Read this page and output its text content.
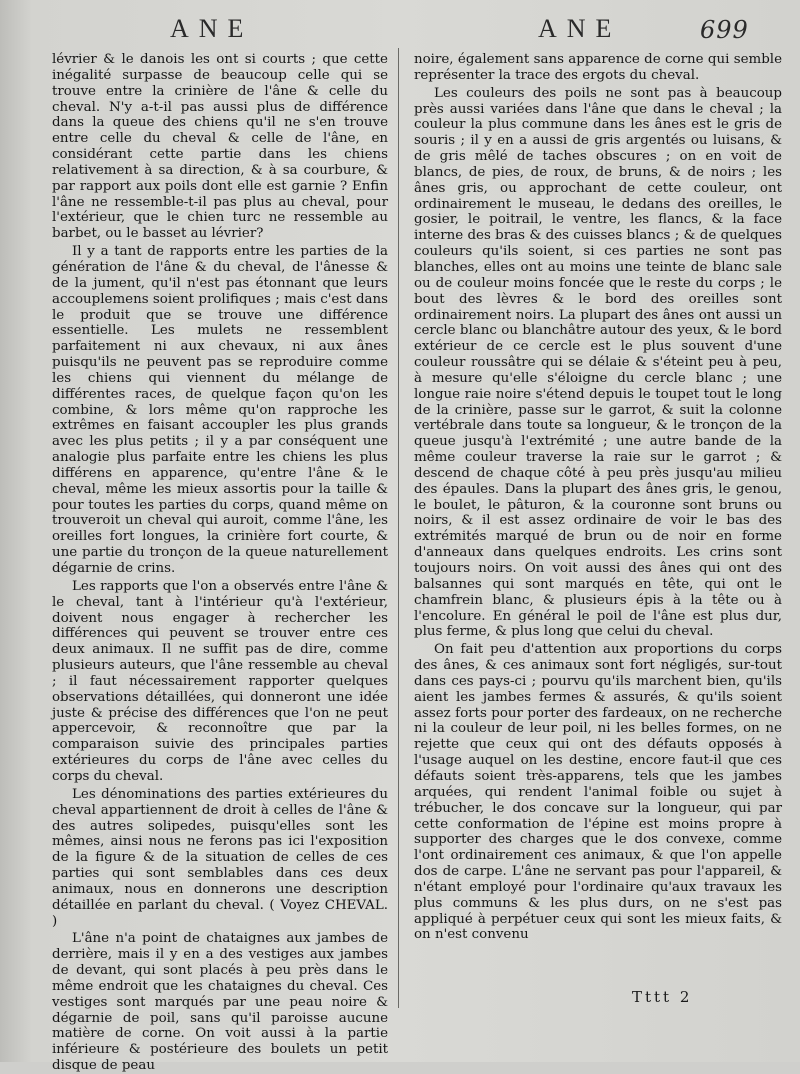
ANE	ANE	699

lévrier & le danois les ont si courts ; que cette inégalité surpasse de beaucoup celle qui se trouve entre la crinière de l'âne & celle du cheval. N'y a-t-il pas aussi plus de différence dans la queue des chiens qu'il ne s'en trouve entre celle du cheval & celle de l'âne, en considérant cette partie dans les chiens relativement à sa direction, & à sa courbure, & par rapport aux poils dont elle est garnie ? Enfin l'âne ne ressemble-t-il pas plus au cheval, pour l'extérieur, que le chien turc ne ressemble au barbet, ou le basset au lévrier?

Il y a tant de rapports entre les parties de la génération de l'âne & du cheval, de l'ânesse & de la jument, qu'il n'est pas étonnant que leurs accouplemens soient prolifiques ; mais c'est dans le produit que se trouve une différence essentielle. Les mulets ne ressemblent parfaitement ni aux chevaux, ni aux ânes puisqu'ils ne peuvent pas se reproduire comme les chiens qui viennent du mélange de différentes races, de quelque façon qu'on les combine, & lors même qu'on rapproche les extrêmes en faisant accoupler les plus grands avec les plus petits ; il y a par conséquent une analogie plus parfaite entre les chiens les plus différens en apparence, qu'entre l'âne & le cheval, même les mieux assortis pour la taille & pour toutes les parties du corps, quand même on trouveroit un cheval qui auroit, comme l'âne, les oreilles fort longues, la crinière fort courte, & une partie du tronçon de la queue naturellement dégarnie de crins.

Les rapports que l'on a observés entre l'âne & le cheval, tant à l'intérieur qu'à l'extérieur, doivent nous engager à rechercher les différences qui peuvent se trouver entre ces deux animaux. Il ne suffit pas de dire, comme plusieurs auteurs, que l'âne ressemble au cheval ; il faut nécessairement rapporter quelques observations détaillées, qui donneront une idée juste & précise des différences que l'on ne peut appercevoir, & reconnoître que par la comparaison suivie des principales parties extérieures du corps de l'âne avec celles du corps du cheval.

Les dénominations des parties extérieures du cheval appartiennent de droit à celles de l'âne & des autres solipedes, puisqu'elles sont les mêmes, ainsi nous ne ferons pas ici l'exposition de la figure & de la situation de celles de ces parties qui sont semblables dans ces deux animaux, nous en donnerons une description détaillée en parlant du cheval. ( Voyez CHEVAL. )

L'âne n'a point de chataignes aux jambes de derrière, mais il y en a des vestiges aux jambes de devant, qui sont placés à peu près dans le même endroit que les chataignes du cheval. Ces vestiges sont marqués par une peau noire & dégarnie de poil, sans qu'il paroisse aucune matière de corne. On voit aussi à la partie inférieure & postérieure des boulets un petit disque de peau

noire, également sans apparence de corne qui semble représenter la trace des ergots du cheval.

Les couleurs des poils ne sont pas à beaucoup près aussi variées dans l'âne que dans le cheval ; la couleur la plus commune dans les ânes est le gris de souris ; il y en a aussi de gris argentés ou luisans, & de gris mêlé de taches obscures ; on en voit de blancs, de pies, de roux, de bruns, & de noirs ; les ânes gris, ou approchant de cette couleur, ont ordinairement le museau, le dedans des oreilles, le gosier, le poitrail, le ventre, les flancs, & la face interne des bras & des cuisses blancs ; & de quelques couleurs qu'ils soient, si ces parties ne sont pas blanches, elles ont au moins une teinte de blanc sale ou de couleur moins foncée que le reste du corps ; le bout des lèvres & le bord des oreilles sont ordinairement noirs. La plupart des ânes ont aussi un cercle blanc ou blanchâtre autour des yeux, & le bord extérieur de ce cercle est le plus souvent d'une couleur roussâtre qui se délaie & s'éteint peu à peu, à mesure qu'elle s'éloigne du cercle blanc ; une longue raie noire s'étend depuis le toupet tout le long de la crinière, passe sur le garrot, & suit la colonne vertébrale dans toute sa longueur, & le tronçon de la queue jusqu'à l'extrémité ; une autre bande de la même couleur traverse la raie sur le garrot ; & descend de chaque côté à peu près jusqu'au milieu des épaules. Dans la plupart des ânes gris, le genou, le boulet, le pâturon, & la couronne sont bruns ou noirs, & il est assez ordinaire de voir le bas des extrémités marqué de brun ou de noir en forme d'anneaux dans quelques endroits. Les crins sont toujours noirs. On voit aussi des ânes qui ont des balsannes qui sont marqués en tête, qui ont le chamfrein blanc, & plusieurs épis à la tête ou à l'encolure. En général le poil de l'âne est plus dur, plus ferme, & plus long que celui du cheval.

On fait peu d'attention aux proportions du corps des ânes, & ces animaux sont fort négligés, sur-tout dans ces pays-ci ; pourvu qu'ils marchent bien, qu'ils aient les jambes fermes & assurés, & qu'ils soient assez forts pour porter des fardeaux, on ne recherche ni la couleur de leur poil, ni les belles formes, on ne rejette que ceux qui ont des défauts opposés à l'usage auquel on les destine, encore faut-il que ces défauts soient très-apparens, tels que les jambes arquées, qui rendent l'animal foible ou sujet à trébucher, le dos concave sur la longueur, qui par cette conformation de l'épine est moins propre à supporter des charges que le dos convexe, comme l'ont ordinairement ces animaux, & que l'on appelle dos de carpe. L'âne ne servant pas pour l'appareil, & n'étant employé pour l'ordinaire qu'aux travaux les plus communs & les plus durs, on ne s'est pas appliqué à perpétuer ceux qui sont les mieux faits, & on n'est convenu

Tttt 2
